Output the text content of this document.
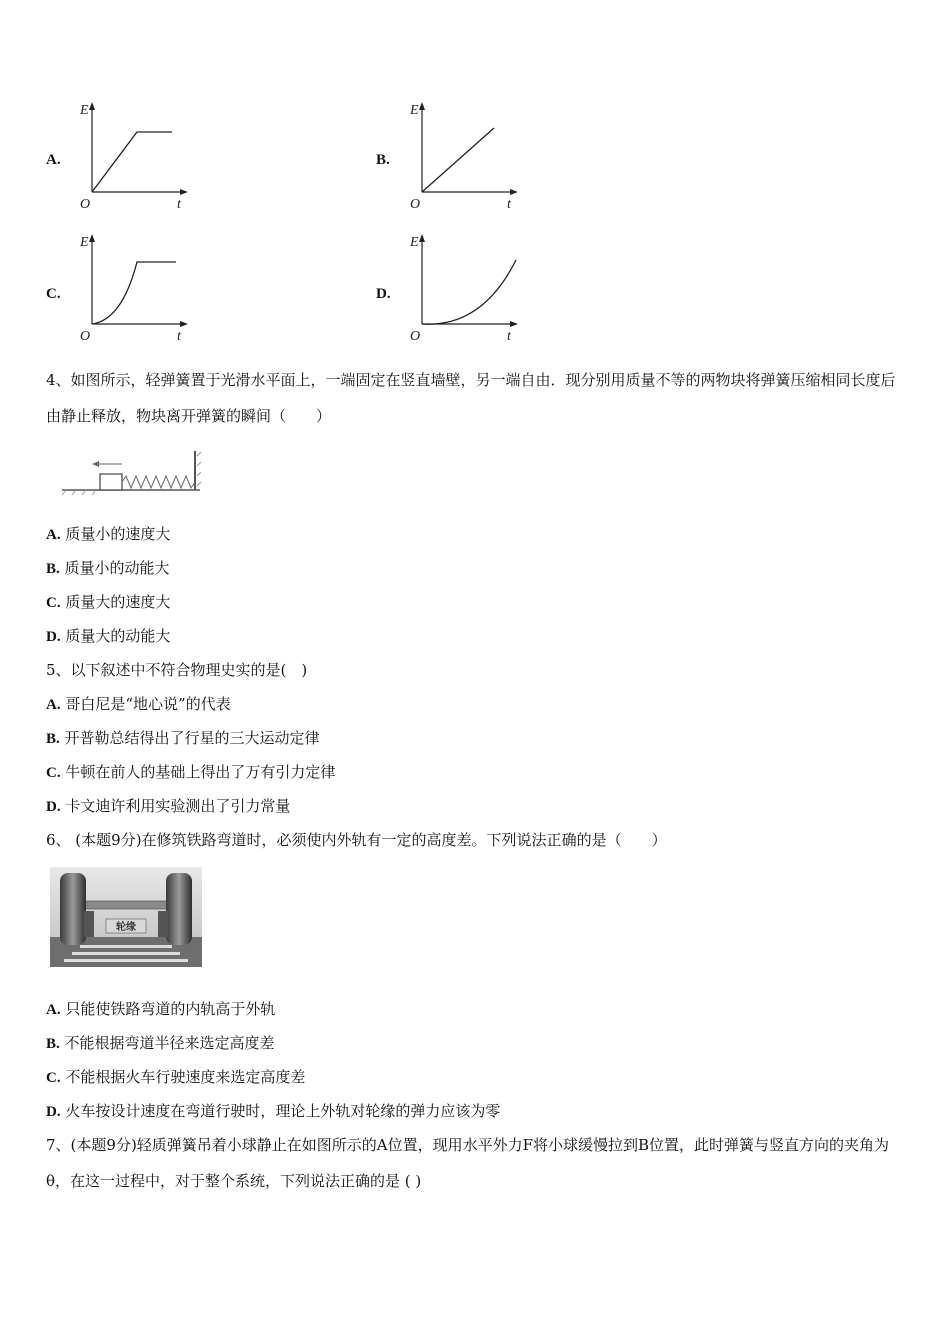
A.
E
t
O
B.
E
t
O
C.
E
t
O
D.
E
t
O
4、如图所示，轻弹簧置于光滑水平面上，一端固定在竖直墙壁，另一端自由．现分别用质量不等的两物块将弹簧压缩相同长度后由静止释放，物块离开弹簧的瞬间（　　）
A. 质量小的速度大
B. 质量小的动能大
C. 质量大的速度大
D. 质量大的动能大
5、以下叙述中不符合物理史实的是(　)
A. 哥白尼是“地心说”的代表
B. 开普勒总结得出了行星的三大运动定律
C. 牛顿在前人的基础上得出了万有引力定律
D. 卡文迪许利用实验测出了引力常量
6、 (本题9分)在修筑铁路弯道时，必须使内外轨有一定的高度差。下列说法正确的是（　　）
轮缘
A. 只能使铁路弯道的内轨高于外轨
B. 不能根据弯道半径来选定高度差
C. 不能根据火车行驶速度来选定高度差
D. 火车按设计速度在弯道行驶时，理论上外轨对轮缘的弹力应该为零
7、(本题9分)轻质弹簧吊着小球静止在如图所示的A位置，现用水平外力F将小球缓慢拉到B位置，此时弹簧与竖直方向的夹角为θ，在这一过程中，对于整个系统，下列说法正确的是 ( )
